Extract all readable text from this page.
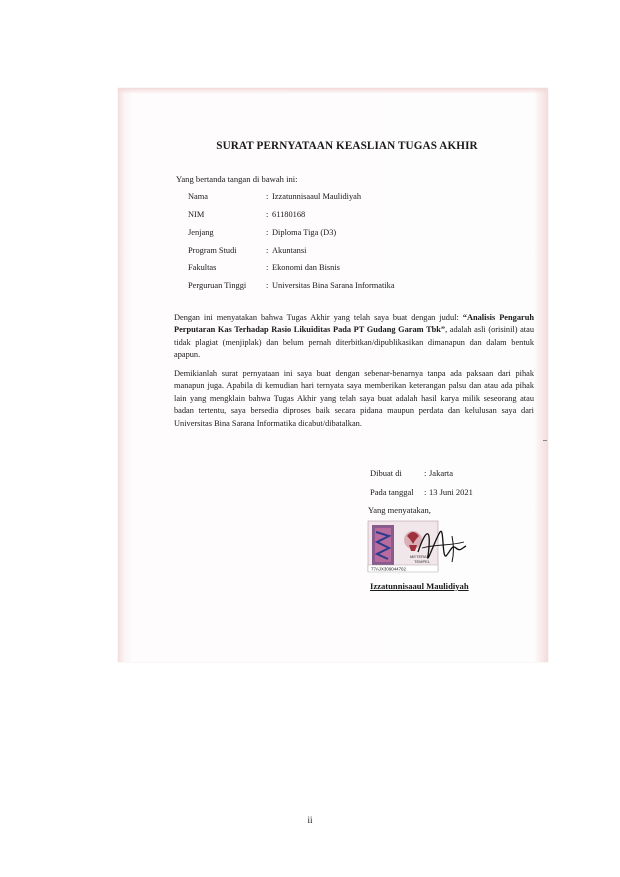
SURAT PERNYATAAN KEASLIAN TUGAS AKHIR
Yang bertanda tangan di bawah ini:
Nama	: Izzatunnisaaul Maulidiyah
NIM	: 61180168
Jenjang	: Diploma Tiga (D3)
Program Studi	: Akuntansi
Fakultas	: Ekonomi dan Bisnis
Perguruan Tinggi : Universitas Bina Sarana Informatika
Dengan ini menyatakan bahwa Tugas Akhir yang telah saya buat dengan judul: “Analisis Pengaruh Perputaran Kas Terhadap Rasio Likuiditas Pada PT Gudang Garam Tbk”, adalah asli (orisinil) atau tidak plagiat (menjiplak) dan belum pernah diterbitkan/dipublikasikan dimanapun dan dalam bentuk apapun.
Demikianlah surat pernyataan ini saya buat dengan sebenar-benarnya tanpa ada paksaan dari pihak manapun juga. Apabila di kemudian hari ternyata saya memberikan keterangan palsu dan atau ada pihak lain yang mengklain bahwa Tugas Akhir yang telah saya buat adalah hasil karya milik seseorang atau badan tertentu, saya bersedia diproses baik secara pidana maupun perdata dan kelulusan saya dari Universitas Bina Sarana Informatika dicabut/dibatalkan.
Dibuat di	: Jakarta
Pada tanggal : 13 Juni 2021
Yang menyatakan,
METERAI
TEMPEL
77AJX309044702
Izzatunnisaaul Maulidiyah
ii
